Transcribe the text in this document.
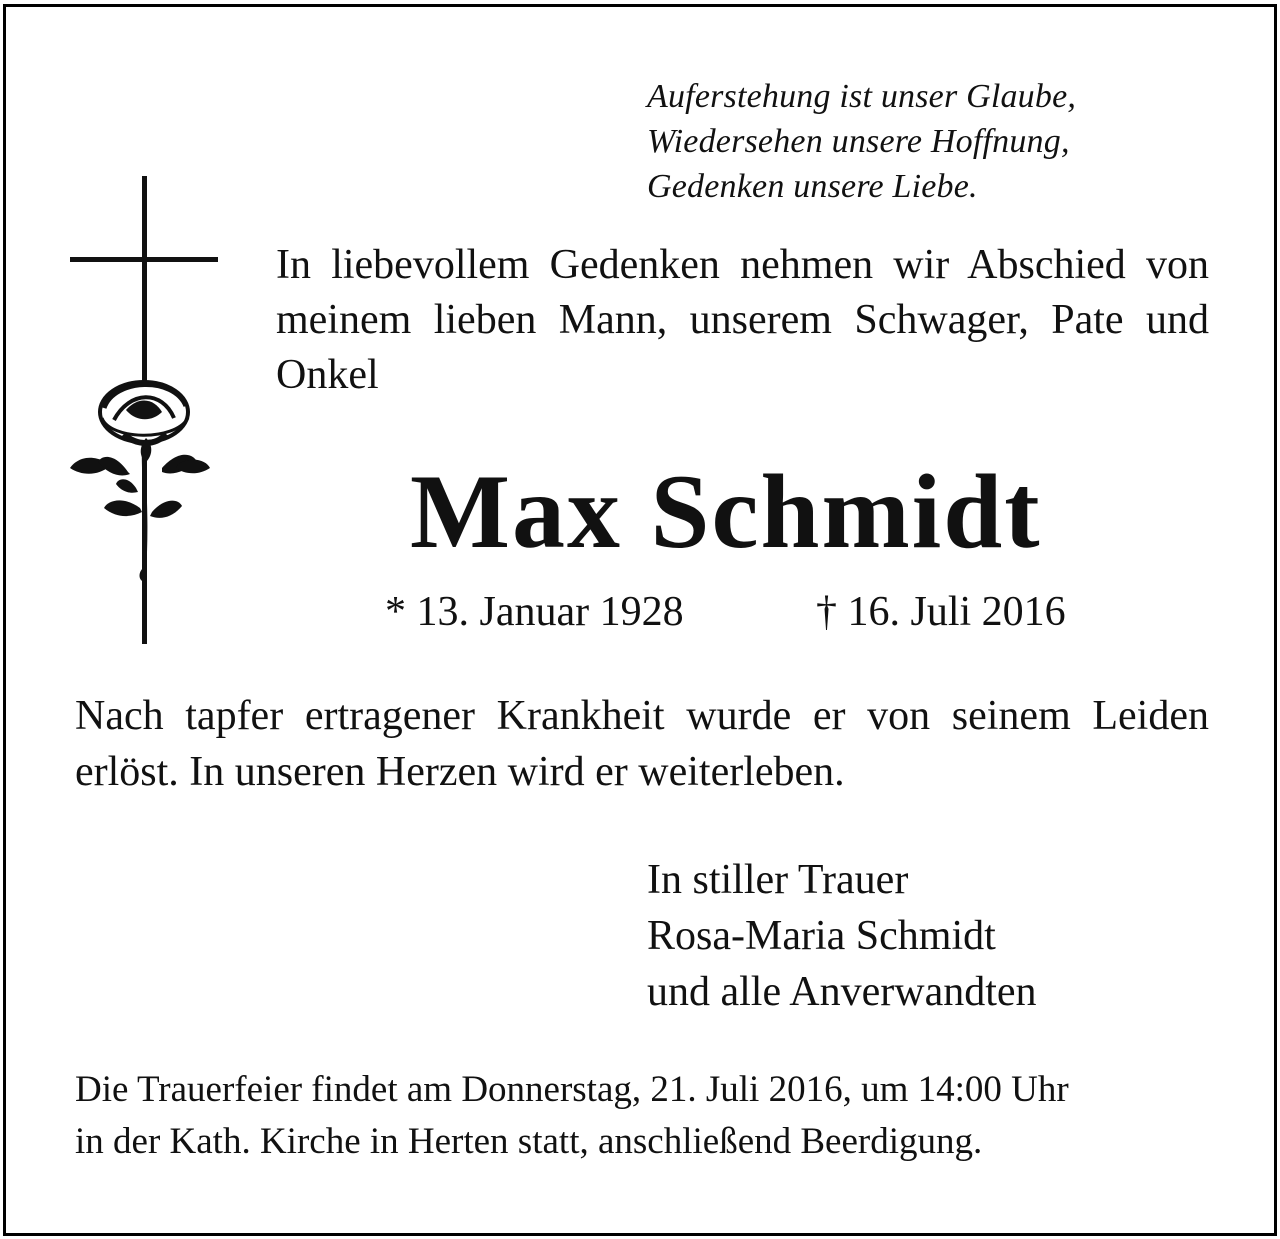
Auferstehung ist unser Glaube,
Wiedersehen unsere Hoffnung,
Gedenken unsere Liebe.
In liebevollem Gedenken nehmen wir Abschied von meinem lieben Mann, unserem Schwager, Pate und Onkel
Max Schmidt
* 13. Januar 1928	† 16. Juli 2016
Nach tapfer ertragener Krankheit wurde er von seinem Leiden erlöst. In unseren Herzen wird er weiterleben.
In stiller Trauer
Rosa-Maria Schmidt
und alle Anverwandten
Die Trauerfeier findet am Donnerstag, 21. Juli 2016, um 14:00 Uhr
in der Kath. Kirche in Herten statt, anschließend Beerdigung.
